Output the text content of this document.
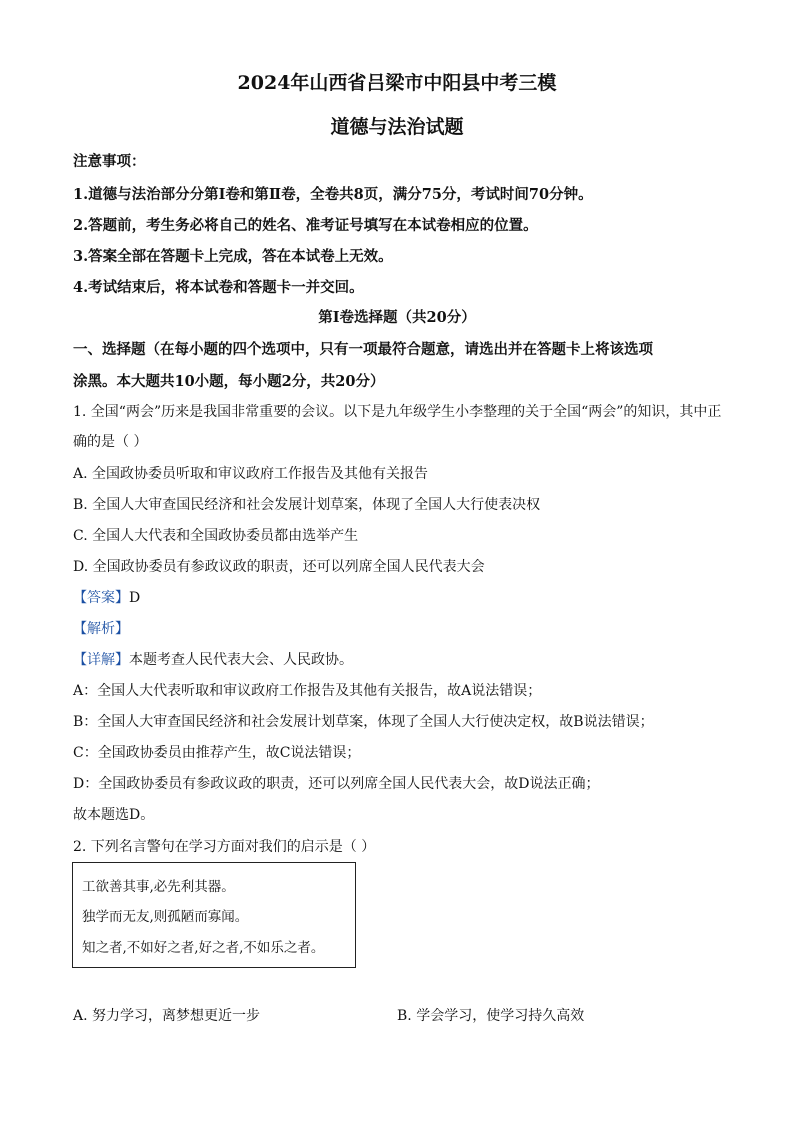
2024年山西省吕梁市中阳县中考三模
道德与法治试题
注意事项：
1.道德与法治部分分第Ⅰ卷和第Ⅱ卷，全卷共8页，满分75分，考试时间70分钟。
2.答题前，考生务必将自己的姓名、准考证号填写在本试卷相应的位置。
3.答案全部在答题卡上完成，答在本试卷上无效。
4.考试结束后，将本试卷和答题卡一并交回。
第Ⅰ卷选择题（共20分）
一、选择题（在每小题的四个选项中，只有一项最符合题意，请选出并在答题卡上将该选项
涂黑。本大题共10小题，每小题2分，共20分）
1. 全国“两会”历来是我国非常重要的会议。以下是九年级学生小李整理的关于全国“两会”的知识，其中正
确的是（ ）
A. 全国政协委员听取和审议政府工作报告及其他有关报告
B. 全国人大审查国民经济和社会发展计划草案，体现了全国人大行使表决权
C. 全国人大代表和全国政协委员都由选举产生
D. 全国政协委员有参政议政的职责，还可以列席全国人民代表大会
【答案】D
【解析】
【详解】本题考查人民代表大会、人民政协。
A：全国人大代表听取和审议政府工作报告及其他有关报告，故A说法错误；
B：全国人大审查国民经济和社会发展计划草案，体现了全国人大行使决定权，故B说法错误；
C：全国政协委员由推荐产生，故C说法错误；
D：全国政协委员有参政议政的职责，还可以列席全国人民代表大会，故D说法正确；
故本题选D。
2. 下列名言警句在学习方面对我们的启示是（ ）
工欲善其事,必先利其器。
独学而无友,则孤陋而寡闻。
知之者,不如好之者,好之者,不如乐之者。
A. 努力学习，离梦想更近一步	B. 学会学习，使学习持久高效
